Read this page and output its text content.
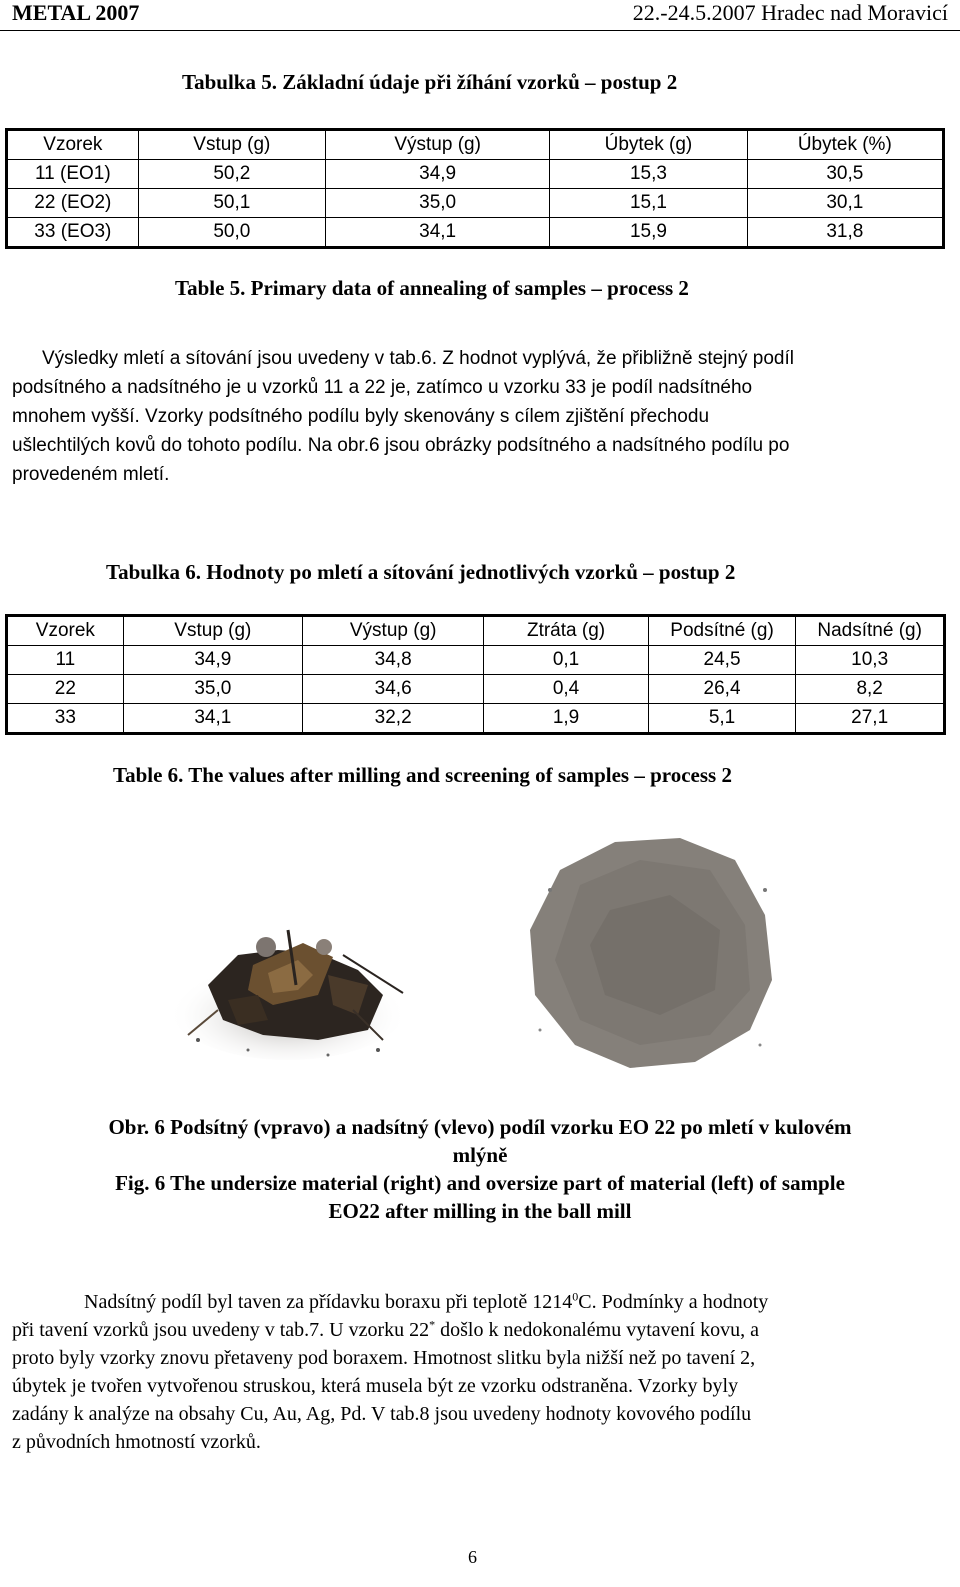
METAL 2007	22.-24.5.2007 Hradec nad Moravicí
Tabulka 5. Základní údaje při žíhání vzorků – postup 2
Vzorek	Vstup (g)	Výstup (g)	Úbytek (g)	Úbytek (%)
11 (EO1)	50,2	34,9	15,3	30,5
22 (EO2)	50,1	35,0	15,1	30,1
33 (EO3)	50,0	34,1	15,9	31,8
Table 5. Primary data of annealing of samples – process 2
Výsledky mletí a sítování jsou uvedeny v tab.6. Z hodnot vyplývá, že přibližně stejný podíl
podsítného a nadsítného je u vzorků 11 a 22 je, zatímco u vzorku 33 je podíl nadsítného
mnohem vyšší. Vzorky podsítného podílu byly skenovány s cílem zjištění přechodu
ušlechtilých kovů do tohoto podílu. Na obr.6 jsou obrázky podsítného a nadsítného podílu po
provedeném mletí.
Tabulka 6. Hodnoty po mletí a sítování jednotlivých vzorků – postup 2
Vzorek	Vstup (g)	Výstup (g)	Ztráta (g)	Podsítné (g)	Nadsítné (g)
11	34,9	34,8	0,1	24,5	10,3
22	35,0	34,6	0,4	26,4	8,2
33	34,1	32,2	1,9	5,1	27,1
Table 6. The values after milling and screening of samples – process 2
Obr. 6 Podsítný (vpravo) a nadsítný (vlevo) podíl vzorku EO 22 po mletí v kulovém
mlýně
Fig. 6 The undersize material (right) and oversize part of material (left) of sample
EO22 after milling in the ball mill
Nadsítný podíl byl taven za přídavku boraxu při teplotě 1214$^0$C. Podmínky a hodnoty
při tavení vzorků jsou uvedeny v tab.7. U vzorku 22* došlo k nedokonalému vytavení kovu, a
proto byly vzorky znovu přetaveny pod boraxem. Hmotnost slitku byla nižší než po tavení 2,
úbytek je tvořen vytvořenou struskou, která musela být ze vzorku odstraněna. Vzorky byly
zadány k analýze na obsahy Cu, Au, Ag, Pd. V tab.8 jsou uvedeny hodnoty kovového podílu
z původních hmotností vzorků.
6
